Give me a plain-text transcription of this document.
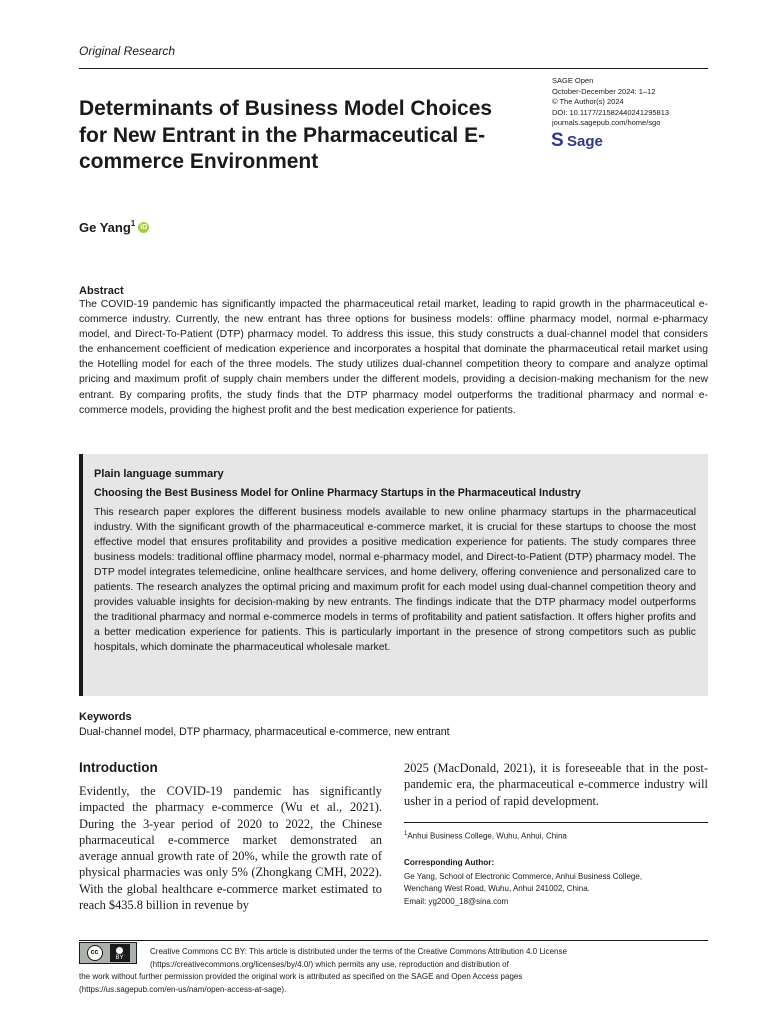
Original Research
SAGE Open
October-December 2024: 1–12
© The Author(s) 2024
DOI: 10.1177/21582440241295813
journals.sagepub.com/home/sgo
S
Sage
Determinants of Business Model Choices for New Entrant in the Pharmaceutical E-commerce Environment
Ge Yang$^1$ iD
Abstract

The COVID-19 pandemic has significantly impacted the pharmaceutical retail market, leading to rapid growth in the pharmaceutical e-commerce industry. Currently, the new entrant has three options for business models: offline pharmacy model, normal e-pharmacy model, and Direct-To-Patient (DTP) pharmacy model. To address this issue, this study constructs a dual-channel model that considers the enhancement coefficient of medication experience and incorporates a hospital that dominate the pharmaceutical retail market using the Hotelling model for each of the three models. The study utilizes dual-channel competition theory to compare and analyze optimal pricing and maximum profit of supply chain members under the different models, providing a decision-making mechanism for the new entrant. By comparing profits, the study finds that the DTP pharmacy model outperforms the traditional pharmacy and normal e-commerce models, providing the highest profit and the best medication experience for patients.

Plain language summary
Choosing the Best Business Model for Online Pharmacy Startups in the Pharmaceutical Industry

This research paper explores the different business models available to new online pharmacy startups in the pharmaceutical industry. With the significant growth of the pharmaceutical e-commerce market, it is crucial for these startups to choose the most effective model that ensures profitability and provides a positive medication experience for patients. The study compares three business models: traditional offline pharmacy model, normal e-pharmacy model, and Direct-to-Patient (DTP) pharmacy model. The DTP model integrates telemedicine, online healthcare services, and home delivery, offering convenience and personalized care to patients. The research analyzes the optimal pricing and maximum profit for each model using dual-channel competition theory and provides valuable insights for decision-making by new entrants. The findings indicate that the DTP pharmacy model outperforms the traditional pharmacy and normal e-commerce models in terms of profitability and patient satisfaction. It offers higher profits and a better medication experience for patients. This is particularly important in the presence of strong competitors such as public hospitals, which dominate the pharmaceutical wholesale market.

Keywords
Dual-channel model, DTP pharmacy, pharmaceutical e-commerce, new entrant
Introduction

Evidently, the COVID-19 pandemic has significantly impacted the pharmacy e-commerce (Wu et al., 2021). During the 3-year period of 2020 to 2022, the Chinese pharmaceutical e-commerce market demonstrated an average annual growth rate of 20%, while the growth rate of physical pharmacies was only 5% (Zhongkang CMH, 2022). With the global healthcare e-commerce market estimated to reach $435.8 billion in revenue by

2025 (MacDonald, 2021), it is foreseeable that in the post-pandemic era, the pharmaceutical e-commerce industry will usher in a period of rapid development.

$^1$Anhui Business College, Wuhu, Anhui, China
Corresponding Author:
Ge Yang, School of Electronic Commerce, Anhui Business College,
Wenchang West Road, Wuhu, Anhui 241002, China.
Email: yg2000_18@sina.com
Creative Commons CC BY: This article is distributed under the terms of the Creative Commons Attribution 4.0 License
(https://creativecommons.org/licenses/by/4.0/) which permits any use, reproduction and distribution of
the work without further permission provided the original work is attributed as specified on the SAGE and Open Access pages
(https://us.sagepub.com/en-us/nam/open-access-at-sage).
cc
BY
